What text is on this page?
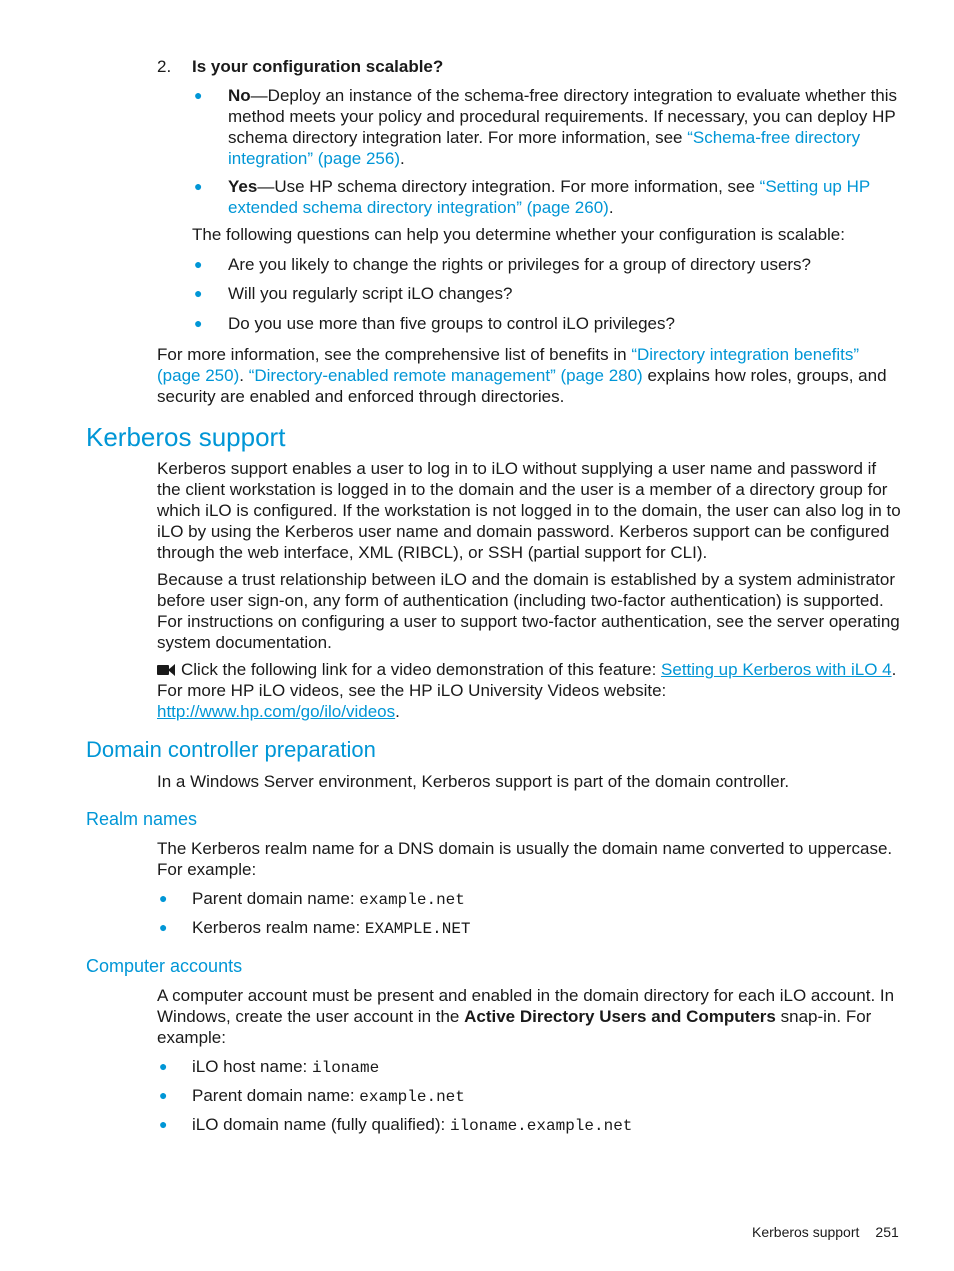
2. Is your configuration scalable?
● No—Deploy an instance of the schema-free directory integration to evaluate whether this method meets your policy and procedural requirements. If necessary, you can deploy HP schema directory integration later. For more information, see “Schema-free directory integration” (page 256).

● Yes—Use HP schema directory integration. For more information, see “Setting up HP extended schema directory integration” (page 260).

The following questions can help you determine whether your configuration is scalable:

● Are you likely to change the rights or privileges for a group of directory users?

● Will you regularly script iLO changes?

● Do you use more than five groups to control iLO privileges?

For more information, see the comprehensive list of benefits in “Directory integration benefits” (page 250). “Directory-enabled remote management” (page 280) explains how roles, groups, and security are enabled and enforced through directories.

Kerberos support

Kerberos support enables a user to log in to iLO without supplying a user name and password if the client workstation is logged in to the domain and the user is a member of a directory group for which iLO is configured. If the workstation is not logged in to the domain, the user can also log in to iLO by using the Kerberos user name and domain password. Kerberos support can be configured through the web interface, XML (RIBCL), or SSH (partial support for CLI).

Because a trust relationship between iLO and the domain is established by a system administrator before user sign-on, any form of authentication (including two-factor authentication) is supported. For instructions on configuring a user to support two-factor authentication, see the server operating system documentation.

Click the following link for a video demonstration of this feature: Setting up Kerberos with iLO 4. For more HP iLO videos, see the HP iLO University Videos website: http://www.hp.com/go/ilo/videos.

Domain controller preparation

In a Windows Server environment, Kerberos support is part of the domain controller.

Realm names

The Kerberos realm name for a DNS domain is usually the domain name converted to uppercase. For example:

● Parent domain name: example.net

● Kerberos realm name: EXAMPLE.NET

Computer accounts

A computer account must be present and enabled in the domain directory for each iLO account. In Windows, create the user account in the Active Directory Users and Computers snap-in. For example:

● iLO host name: iloname

● Parent domain name: example.net

● iLO domain name (fully qualified): iloname.example.net

Kerberos support 251
